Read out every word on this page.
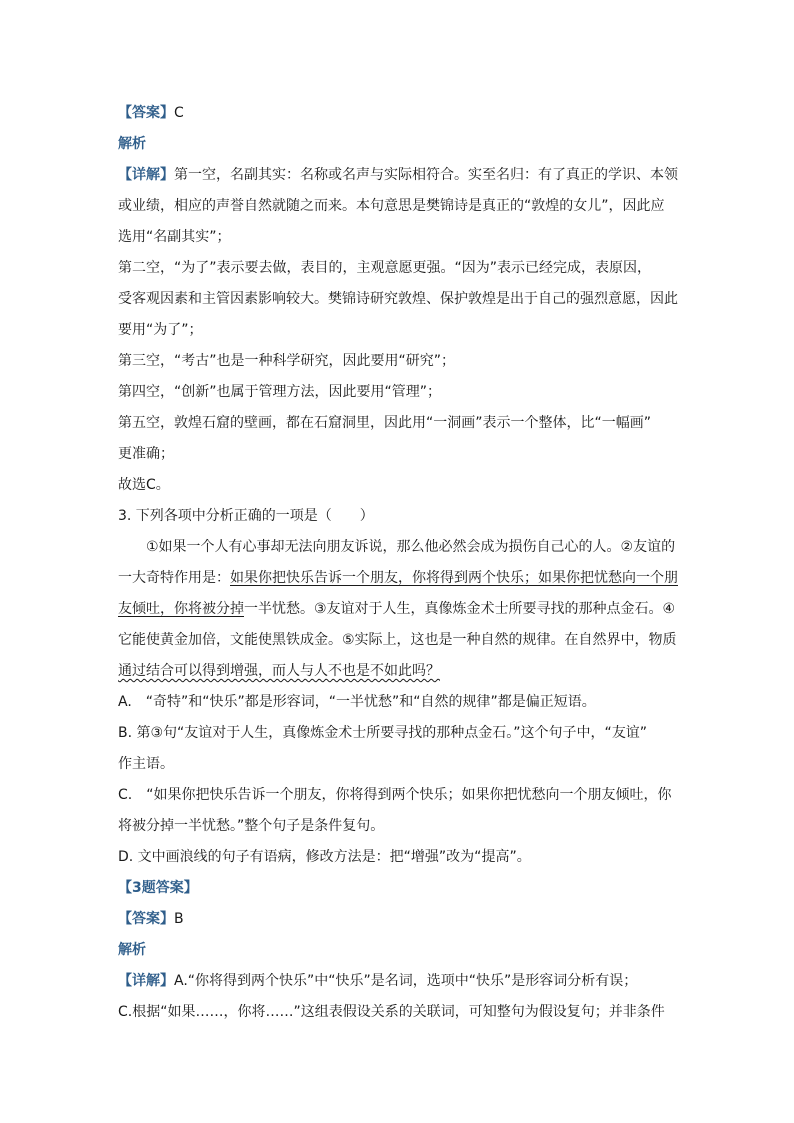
【答案】C
解析
【详解】第一空，名副其实：名称或名声与实际相符合。实至名归：有了真正的学识、本领
或业绩，相应的声誉自然就随之而来。本句意思是樊锦诗是真正的“敦煌的女儿”，因此应
选用“名副其实”；
第二空，“为了”表示要去做，表目的，主观意愿更强。“因为”表示已经完成，表原因，
受客观因素和主管因素影响较大。樊锦诗研究敦煌、保护敦煌是出于自己的强烈意愿，因此
要用“为了”；
第三空，“考古”也是一种科学研究，因此要用“研究”；
第四空，“创新”也属于管理方法，因此要用“管理”；
第五空，敦煌石窟的壁画，都在石窟洞里，因此用“一洞画”表示一个整体，比“一幅画”
更准确；
故选C。
3. 下列各项中分析正确的一项是（　　）
①如果一个人有心事却无法向朋友诉说，那么他必然会成为损伤自己心的人。②友谊的
一大奇特作用是：如果你把快乐告诉一个朋友，你将得到两个快乐；如果你把忧愁向一个朋
友倾吐，你将被分掉一半忧愁。③友谊对于人生，真像炼金术士所要寻找的那种点金石。④
它能使黄金加倍，文能使黑铁成金。⑤实际上，这也是一种自然的规律。在自然界中，物质
通过结合可以得到增强，而人与人不也是不如此吗？
A.　“奇特”和“快乐”都是形容词，“一半忧愁”和“自然的规律”都是偏正短语。
B. 第③句“友谊对于人生，真像炼金术士所要寻找的那种点金石。”这个句子中，“友谊”
作主语。
C.　“如果你把快乐告诉一个朋友，你将得到两个快乐；如果你把忧愁向一个朋友倾吐，你
将被分掉一半忧愁。”整个句子是条件复句。
D. 文中画浪线的句子有语病，修改方法是：把“增强”改为“提高”。
【3题答案】
【答案】B
解析
【详解】A.“你将得到两个快乐”中“快乐”是名词，选项中“快乐”是形容词分析有误；
C.根据“如果……，你将……”这组表假设关系的关联词，可知整句为假设复句；并非条件
